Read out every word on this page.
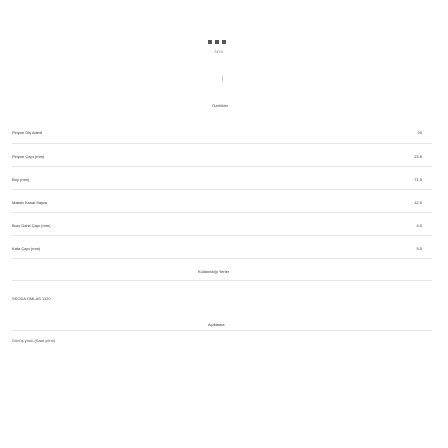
7474
Özellikler
Pinyon Diş Adedi	20
Pinyon Çapı (mm)	23.5
Boy (mm)	71.5
Maktin Kanal Sayısı	12.0
Burç Dahil Çapı (mm)	4.0
Kafa Çapı (mm)	5.5
Kullanıldığı Yerler
SKODA OMLAS 1120
Açıklama
Dönüş yönü (Saat yönü)
